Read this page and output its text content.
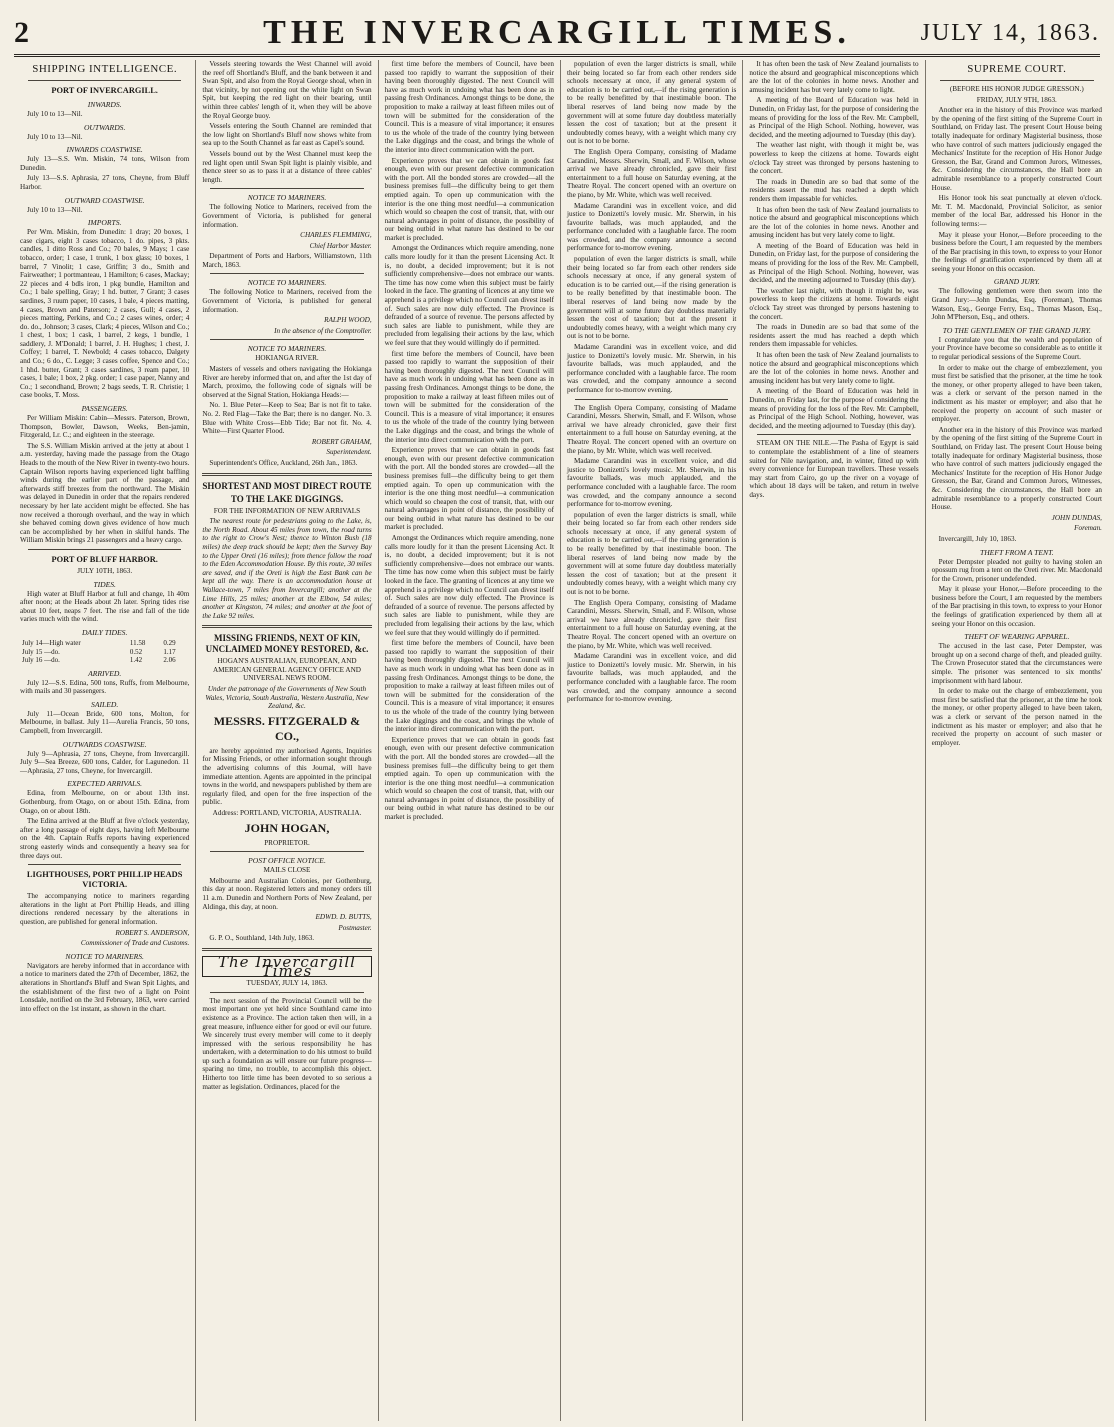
2	THE INVERCARGILL TIMES.	JULY 14, 1863.
SHIPPING INTELLIGENCE.
PORT OF INVERCARGILL.
INWARDS.

July 10 to 13—Nil.

OUTWARDS.

July 10 to 13—Nil.

INWARDS COASTWISE.

July 13—S.S. Wm. Miskin, 74 tons, Wilson from Dunedin.

July 13—S.S. Aphrasia, 27 tons, Cheyne, from Bluff Harbor.

OUTWARD COASTWISE.

July 10 to 13—Nil.

IMPORTS.

Per Wm. Miskin, from Dunedin: 1 dray; 20 boxes, 1 case cigars, eight 3 cases tobacco, 1 do. pipes, 3 pkts. candles, 1 ditto Ross and Co.; 70 bales, 9 Mays; 1 case tobacco, order; 1 case, 1 trunk, 1 box glass; 10 boxes, 1 barrel, 7 Vinolit; 1 case, Griffin; 3 do., Smith and Fairweather; 1 portmanteau, 1 Hamilton; 6 cases, Mackay; 22 pieces and 4 bdls iron, 1 pkg bundle, Hamilton and Co.; 1 bale spelling, Gray; 1 hd. butter, 7 Grant; 3 cases sardines, 3 ruum paper, 10 cases, 1 bale, 4 pieces matting, 4 cases, Brown and Paterson; 2 cases, Gull; 4 cases, 2 pieces matting, Perkins, and Co.; 2 cases wines, order; 4 do. do., Johnson; 3 cases, Clark; 4 pieces, Wilson and Co.; 1 chest, 1 box; 1 cask, 1 barrel, 2 kegs, 1 bundle, 1 saddlery, J. M'Donald; 1 barrel, J. H. Hughes; 1 chest, J. Coffey; 1 barrel, T. Newbold; 4 cases tobacco, Dalgety and Co.; 6 do., C. Legge; 3 cases coffee, Spence and Co.; 1 hhd. butter, Grant; 3 cases sardines, 3 ream paper, 10 cases, 1 bale; 1 box, 2 pkg. order; 1 case paper, Nanny and Co.; 1 secondhand, Brown; 2 bags seeds, T. R. Christie; 1 case books, T. Moss.

PASSENGERS.

Per William Miskin: Cabin—Messrs. Paterson, Brown, Thompson, Bowler, Dawson, Weeks, Ben-jamin, Fitzgerald, Lr. C.; and eighteen in the steerage.

The S.S. William Miskin arrived at the jetty at about 1 a.m. yesterday, having made the passage from the Otago Heads to the mouth of the New River in twenty-two hours. Captain Wilson reports having experienced light baffling winds during the earlier part of the passage, and afterwards stiff breezes from the northward. The Miskin was delayed in Dunedin in order that the repairs rendered necessary by her late accident might be effected. She has now received a thorough overhaul, and the way in which she behaved coming down gives evidence of how much can be accomplished by her when in skilful hands. The William Miskin brings 21 passengers and a heavy cargo.

PORT OF BLUFF HARBOR.

JULY 10TH, 1863.

TIDES.

High water at Bluff Harbor at full and change, 1h 40m after noon; at the Heads about 2h later. Spring tides rise about 10 feet, neaps 7 feet. The rise and fall of the tide varies much with the wind.

DAILY TIDES.
July 14—High water	11.58	0.29
July 15 —do.	0.52	1.17
July 16 —do.	1.42	2.06
ARRIVED.

July 12—S.S. Edina, 500 tons, Ruffs, from Melbourne, with mails and 30 passengers.

SAILED.

July 11—Ocean Bride, 600 tons, Molton, for Melbourne, in ballast. July 11—Aurelia Francis, 50 tons, Campbell, from Invercargill.

OUTWARDS COASTWISE.

July 9—Aphrasia, 27 tons, Cheyne, from Invercargill. July 9—Sea Breeze, 600 tons, Calder, for Lagunedon. 11—Aphrasia, 27 tons, Cheyne, for Invercargill.

EXPECTED ARRIVALS.

Edina, from Melbourne, on or about 13th inst. Gothenburg, from Otago, on or about 15th. Edina, from Otago, on or about 18th.

The Edina arrived at the Bluff at five o'clock yesterday, after a long passage of eight days, having left Melbourne on the 4th. Captain Ruffs reports having experienced strong easterly winds and consequently a heavy sea for three days out.

LIGHTHOUSES, PORT PHILLIP HEADS VICTORIA.

The accompanying notice to mariners regarding alterations in the light at Port Phillip Heads, and illing directions rendered necessary by the alterations in question, are published for general information.

ROBERT S. ANDERSON,

Commissioner of Trade and Customs.

NOTICE TO MARINERS.

Navigators are hereby informed that in accordance with a notice to mariners dated the 27th of December, 1862, the alterations in Shortland's Bluff and Swan Spit Lights, and the establishment of the first two of a light on Point Lonsdale, notified on the 3rd February, 1863, were carried into effect on the 1st instant, as shown in the chart.

Vessels steering towards the West Channel will avoid the reef off Shortland's Bluff, and the bank between it and Swan Spit, and also from the Royal George shoal, when in that vicinity, by not opening out the white light on Swan Spit, but keeping the red light on their bearing, until within three cables' length of it, when they will be above the Royal George buoy.

Vessels entering the South Channel are reminded that the low light on Shortland's Bluff now shows white from sea up to the South Channel as far east as Capel's sound.

Vessels bound out by the West Channel must keep the red light open until Swan Spit light is plainly visible, and thence steer so as to pass it at a distance of three cables' length.

NOTICE TO MARINERS.

The following Notice to Mariners, received from the Government of Victoria, is published for general information.

CHARLES FLEMMING,

Chief Harbor Master.

Department of Ports and Harbors, Williamstown, 11th March, 1863.

NOTICE TO MARINERS.

The following Notice to Mariners, received from the Government of Victoria, is published for general information.

RALPH WOOD,

In the absence of the Comptroller.

NOTICE TO MARINERS.

HOKIANGA RIVER.

Masters of vessels and others navigating the Hokianga River are hereby informed that on, and after the 1st day of March, proximo, the following code of signals will be observed at the Signal Station, Hokianga Heads:—

No. 1. Blue Peter—Keep to Sea; Bar is not fit to take. No. 2. Red Flag—Take the Bar; there is no danger. No. 3. Blue with White Cross—Ebb Tide; Bar not fit. No. 4. White—First Quarter Flood.

ROBERT GRAHAM,

Superintendent.

Superintendent's Office, Auckland, 26th Jan., 1863.

SHORTEST AND MOST DIRECT ROUTE
TO THE LAKE DIGGINGS.

FOR THE INFORMATION OF NEW ARRIVALS

The nearest route for pedestrians going to the Lake, is, the North Road. About 45 miles from town, the road turns to the right to Crow's Nest; thence to Winton Bush (18 miles) the deep track should be kept; then the Survey Bay to the Upper Oreti (16 miles); from thence follow the road to the Eden Accommodation House. By this route, 30 miles are saved, and if the Oreti is high the East Bank can be kept all the way. There is an accommodation house at Wallace-town, 7 miles from Invercargill; another at the Lime Hills, 25 miles; another at the Elbow, 54 miles; another at Kingston, 74 miles; and another at the foot of the Lake 92 miles.

MISSING FRIENDS, NEXT OF KIN, UNCLAIMED MONEY RESTORED, &c.

HOGAN'S AUSTRALIAN, EUROPEAN, AND AMERICAN GENERAL AGENCY OFFICE AND UNIVERSAL NEWS ROOM.

Under the patronage of the Governments of New South Wales, Victoria, South Australia, Western Australia, New Zealand, &c.

MESSRS. FITZGERALD & CO.,

are hereby appointed my authorised Agents, Inquiries for Missing Friends, or other information sought through the advertising columns of this Journal, will have immediate attention. Agents are appointed in the principal towns in the world, and newspapers published by them are regularly filed, and open for the free inspection of the public.

Address: PORTLAND, VICTORIA, AUSTRALIA.

JOHN HOGAN,

PROPRIETOR.

POST OFFICE NOTICE.

MAILS CLOSE

Melbourne and Australian Colonies, per Gothenburg, this day at noon. Registered letters and money orders till 11 a.m. Dunedin and Northern Ports of New Zealand, per Aldinga, this day, at noon.

EDWD. D. BUTTS,

Postmaster.

G. P. O., Southland, 14th July, 1863.

The Invercargill Times

TUESDAY, JULY 14, 1863.

The next session of the Provincial Council will be the most important one yet held since Southland came into existence as a Province. The action taken then will, in a great measure, influence either for good or evil our future. We sincerely trust every member will come to it deeply impressed with the serious responsibility he has undertaken, with a determination to do his utmost to build up such a foundation as will ensure our future progress—sparing no time, no trouble, to accomplish this object. Hitherto too little time has been devoted to so serious a matter as legislation. Ordinances, placed for the

first time before the members of Council, have been passed too rapidly to warrant the supposition of their having been thoroughly digested. The next Council will have as much work in undoing what has been done as in passing fresh Ordinances. Amongst things to be done, the proposition to make a railway at least fifteen miles out of town will be submitted for the consideration of the Council. This is a measure of vital importance; it ensures to us the whole of the trade of the country lying between the Lake diggings and the coast, and brings the whole of the interior into direct communication with the port.

Experience proves that we can obtain in goods fast enough, even with our present defective communication with the port. All the bonded stores are crowded—all the business premises full—the difficulty being to get them emptied again. To open up communication with the interior is the one thing most needful—a communication which would so cheapen the cost of transit, that, with our natural advantages in point of distance, the possibility of our being outbid in what nature has destined to be our market is precluded.

Amongst the Ordinances which require amending, none calls more loudly for it than the present Licensing Act. It is, no doubt, a decided improvement; but it is not sufficiently comprehensive—does not embrace our wants. The time has now come when this subject must be fairly looked in the face. The granting of licences at any time we apprehend is a privilege which no Council can divest itself of. Such sales are now duly effected. The Province is defrauded of a source of revenue. The persons affected by such sales are liable to punishment, while they are precluded from legalising their actions by the law, which we feel sure that they would willingly do if permitted.

first time before the members of Council, have been passed too rapidly to warrant the supposition of their having been thoroughly digested. The next Council will have as much work in undoing what has been done as in passing fresh Ordinances. Amongst things to be done, the proposition to make a railway at least fifteen miles out of town will be submitted for the consideration of the Council. This is a measure of vital importance; it ensures to us the whole of the trade of the country lying between the Lake diggings and the coast, and brings the whole of the interior into direct communication with the port.

Experience proves that we can obtain in goods fast enough, even with our present defective communication with the port. All the bonded stores are crowded—all the business premises full—the difficulty being to get them emptied again. To open up communication with the interior is the one thing most needful—a communication which would so cheapen the cost of transit, that, with our natural advantages in point of distance, the possibility of our being outbid in what nature has destined to be our market is precluded.

Amongst the Ordinances which require amending, none calls more loudly for it than the present Licensing Act. It is, no doubt, a decided improvement; but it is not sufficiently comprehensive—does not embrace our wants. The time has now come when this subject must be fairly looked in the face. The granting of licences at any time we apprehend is a privilege which no Council can divest itself of. Such sales are now duly effected. The Province is defrauded of a source of revenue. The persons affected by such sales are liable to punishment, while they are precluded from legalising their actions by the law, which we feel sure that they would willingly do if permitted.

first time before the members of Council, have been passed too rapidly to warrant the supposition of their having been thoroughly digested. The next Council will have as much work in undoing what has been done as in passing fresh Ordinances. Amongst things to be done, the proposition to make a railway at least fifteen miles out of town will be submitted for the consideration of the Council. This is a measure of vital importance; it ensures to us the whole of the trade of the country lying between the Lake diggings and the coast, and brings the whole of the interior into direct communication with the port.

Experience proves that we can obtain in goods fast enough, even with our present defective communication with the port. All the bonded stores are crowded—all the business premises full—the difficulty being to get them emptied again. To open up communication with the interior is the one thing most needful—a communication which would so cheapen the cost of transit, that, with our natural advantages in point of distance, the possibility of our being outbid in what nature has destined to be our market is precluded.

population of even the larger districts is small, while their being located so far from each other renders side schools necessary at once, if any general system of education is to be carried out,—if the rising generation is to be really benefitted by that inestimable boon. The liberal reserves of land being now made by the government will at some future day doubtless materially lessen the cost of taxation; but at the present it undoubtedly comes heavy, with a weight which many cry out is not to be borne.

The English Opera Company, consisting of Madame Carandini, Messrs. Sherwin, Small, and F. Wilson, whose arrival we have already chronicled, gave their first entertainment to a full house on Saturday evening, at the Theatre Royal. The concert opened with an overture on the piano, by Mr. White, which was well received.

Madame Carandini was in excellent voice, and did justice to Donizetti's lovely music. Mr. Sherwin, in his favourite ballads, was much applauded, and the performance concluded with a laughable farce. The room was crowded, and the company announce a second performance for to-morrow evening.

population of even the larger districts is small, while their being located so far from each other renders side schools necessary at once, if any general system of education is to be carried out,—if the rising generation is to be really benefitted by that inestimable boon. The liberal reserves of land being now made by the government will at some future day doubtless materially lessen the cost of taxation; but at the present it undoubtedly comes heavy, with a weight which many cry out is not to be borne.

Madame Carandini was in excellent voice, and did justice to Donizetti's lovely music. Mr. Sherwin, in his favourite ballads, was much applauded, and the performance concluded with a laughable farce. The room was crowded, and the company announce a second performance for to-morrow evening.

The English Opera Company, consisting of Madame Carandini, Messrs. Sherwin, Small, and F. Wilson, whose arrival we have already chronicled, gave their first entertainment to a full house on Saturday evening, at the Theatre Royal. The concert opened with an overture on the piano, by Mr. White, which was well received.

Madame Carandini was in excellent voice, and did justice to Donizetti's lovely music. Mr. Sherwin, in his favourite ballads, was much applauded, and the performance concluded with a laughable farce. The room was crowded, and the company announce a second performance for to-morrow evening.

population of even the larger districts is small, while their being located so far from each other renders side schools necessary at once, if any general system of education is to be carried out,—if the rising generation is to be really benefitted by that inestimable boon. The liberal reserves of land being now made by the government will at some future day doubtless materially lessen the cost of taxation; but at the present it undoubtedly comes heavy, with a weight which many cry out is not to be borne.

The English Opera Company, consisting of Madame Carandini, Messrs. Sherwin, Small, and F. Wilson, whose arrival we have already chronicled, gave their first entertainment to a full house on Saturday evening, at the Theatre Royal. The concert opened with an overture on the piano, by Mr. White, which was well received.

Madame Carandini was in excellent voice, and did justice to Donizetti's lovely music. Mr. Sherwin, in his favourite ballads, was much applauded, and the performance concluded with a laughable farce. The room was crowded, and the company announce a second performance for to-morrow evening.

It has often been the task of New Zealand journalists to notice the absurd and geographical misconceptions which are the lot of the colonies in home news. Another and amusing incident has but very lately come to light.

A meeting of the Board of Education was held in Dunedin, on Friday last, for the purpose of considering the means of providing for the loss of the Rev. Mr. Campbell, as Principal of the High School. Nothing, however, was decided, and the meeting adjourned to Tuesday (this day).

The weather last night, with though it might be, was powerless to keep the citizens at home. Towards eight o'clock Tay street was thronged by persons hastening to the concert.

The roads in Dunedin are so bad that some of the residents assert the mud has reached a depth which renders them impassable for vehicles.

It has often been the task of New Zealand journalists to notice the absurd and geographical misconceptions which are the lot of the colonies in home news. Another and amusing incident has but very lately come to light.

A meeting of the Board of Education was held in Dunedin, on Friday last, for the purpose of considering the means of providing for the loss of the Rev. Mr. Campbell, as Principal of the High School. Nothing, however, was decided, and the meeting adjourned to Tuesday (this day).

The weather last night, with though it might be, was powerless to keep the citizens at home. Towards eight o'clock Tay street was thronged by persons hastening to the concert.

The roads in Dunedin are so bad that some of the residents assert the mud has reached a depth which renders them impassable for vehicles.

It has often been the task of New Zealand journalists to notice the absurd and geographical misconceptions which are the lot of the colonies in home news. Another and amusing incident has but very lately come to light.

A meeting of the Board of Education was held in Dunedin, on Friday last, for the purpose of considering the means of providing for the loss of the Rev. Mr. Campbell, as Principal of the High School. Nothing, however, was decided, and the meeting adjourned to Tuesday (this day).

STEAM ON THE NILE.—The Pasha of Egypt is said to contemplate the establishment of a line of steamers suited for Nile navigation, and, in winter, fitted up with every convenience for European travellers. These vessels may start from Cairo, go up the river on a voyage of which about 18 days will be taken, and return in twelve days.

SUPREME COURT.

(BEFORE HIS HONOR JUDGE GRESSON.)

FRIDAY, JULY 9TH, 1863.

Another era in the history of this Province was marked by the opening of the first sitting of the Supreme Court in Southland, on Friday last. The present Court House being totally inadequate for ordinary Magisterial business, those who have control of such matters judiciously engaged the Mechanics' Institute for the reception of His Honor Judge Gresson, the Bar, Grand and Common Jurors, Witnesses, &c. Considering the circumstances, the Hall bore an admirable resemblance to a properly constructed Court House.

His Honor took his seat punctually at eleven o'clock. Mr. T. M. Macdonald, Provincial Solicitor, as senior member of the local Bar, addressed his Honor in the following terms:—

May it please your Honor,—Before proceeding to the business before the Court, I am requested by the members of the Bar practising in this town, to express to your Honor the feelings of gratification experienced by them all at seeing your Honor on this occasion.

GRAND JURY.

The following gentlemen were then sworn into the Grand Jury:—John Dundas, Esq. (Foreman), Thomas Watson, Esq., George Ferry, Esq., Thomas Mason, Esq., John M'Pherson, Esq., and others.

TO THE GENTLEMEN OF THE GRAND JURY.

I congratulate you that the wealth and population of your Province have become so considerable as to entitle it to regular periodical sessions of the Supreme Court.

In order to make out the charge of embezzlement, you must first be satisfied that the prisoner, at the time he took the money, or other property alleged to have been taken, was a clerk or servant of the person named in the indictment as his master or employer; and also that he received the property on account of such master or employer.

Another era in the history of this Province was marked by the opening of the first sitting of the Supreme Court in Southland, on Friday last. The present Court House being totally inadequate for ordinary Magisterial business, those who have control of such matters judiciously engaged the Mechanics' Institute for the reception of His Honor Judge Gresson, the Bar, Grand and Common Jurors, Witnesses, &c. Considering the circumstances, the Hall bore an admirable resemblance to a properly constructed Court House.

JOHN DUNDAS,

Foreman.

Invercargill, July 10, 1863.

THEFT FROM A TENT.

Peter Dempster pleaded not guilty to having stolen an opossum rug from a tent on the Oreti river. Mr. Macdonald for the Crown, prisoner undefended.

May it please your Honor,—Before proceeding to the business before the Court, I am requested by the members of the Bar practising in this town, to express to your Honor the feelings of gratification experienced by them all at seeing your Honor on this occasion.

THEFT OF WEARING APPAREL.

The accused in the last case, Peter Dempster, was brought up on a second charge of theft, and pleaded guilty. The Crown Prosecutor stated that the circumstances were simple. The prisoner was sentenced to six months' imprisonment with hard labour.

In order to make out the charge of embezzlement, you must first be satisfied that the prisoner, at the time he took the money, or other property alleged to have been taken, was a clerk or servant of the person named in the indictment as his master or employer; and also that he received the property on account of such master or employer.
